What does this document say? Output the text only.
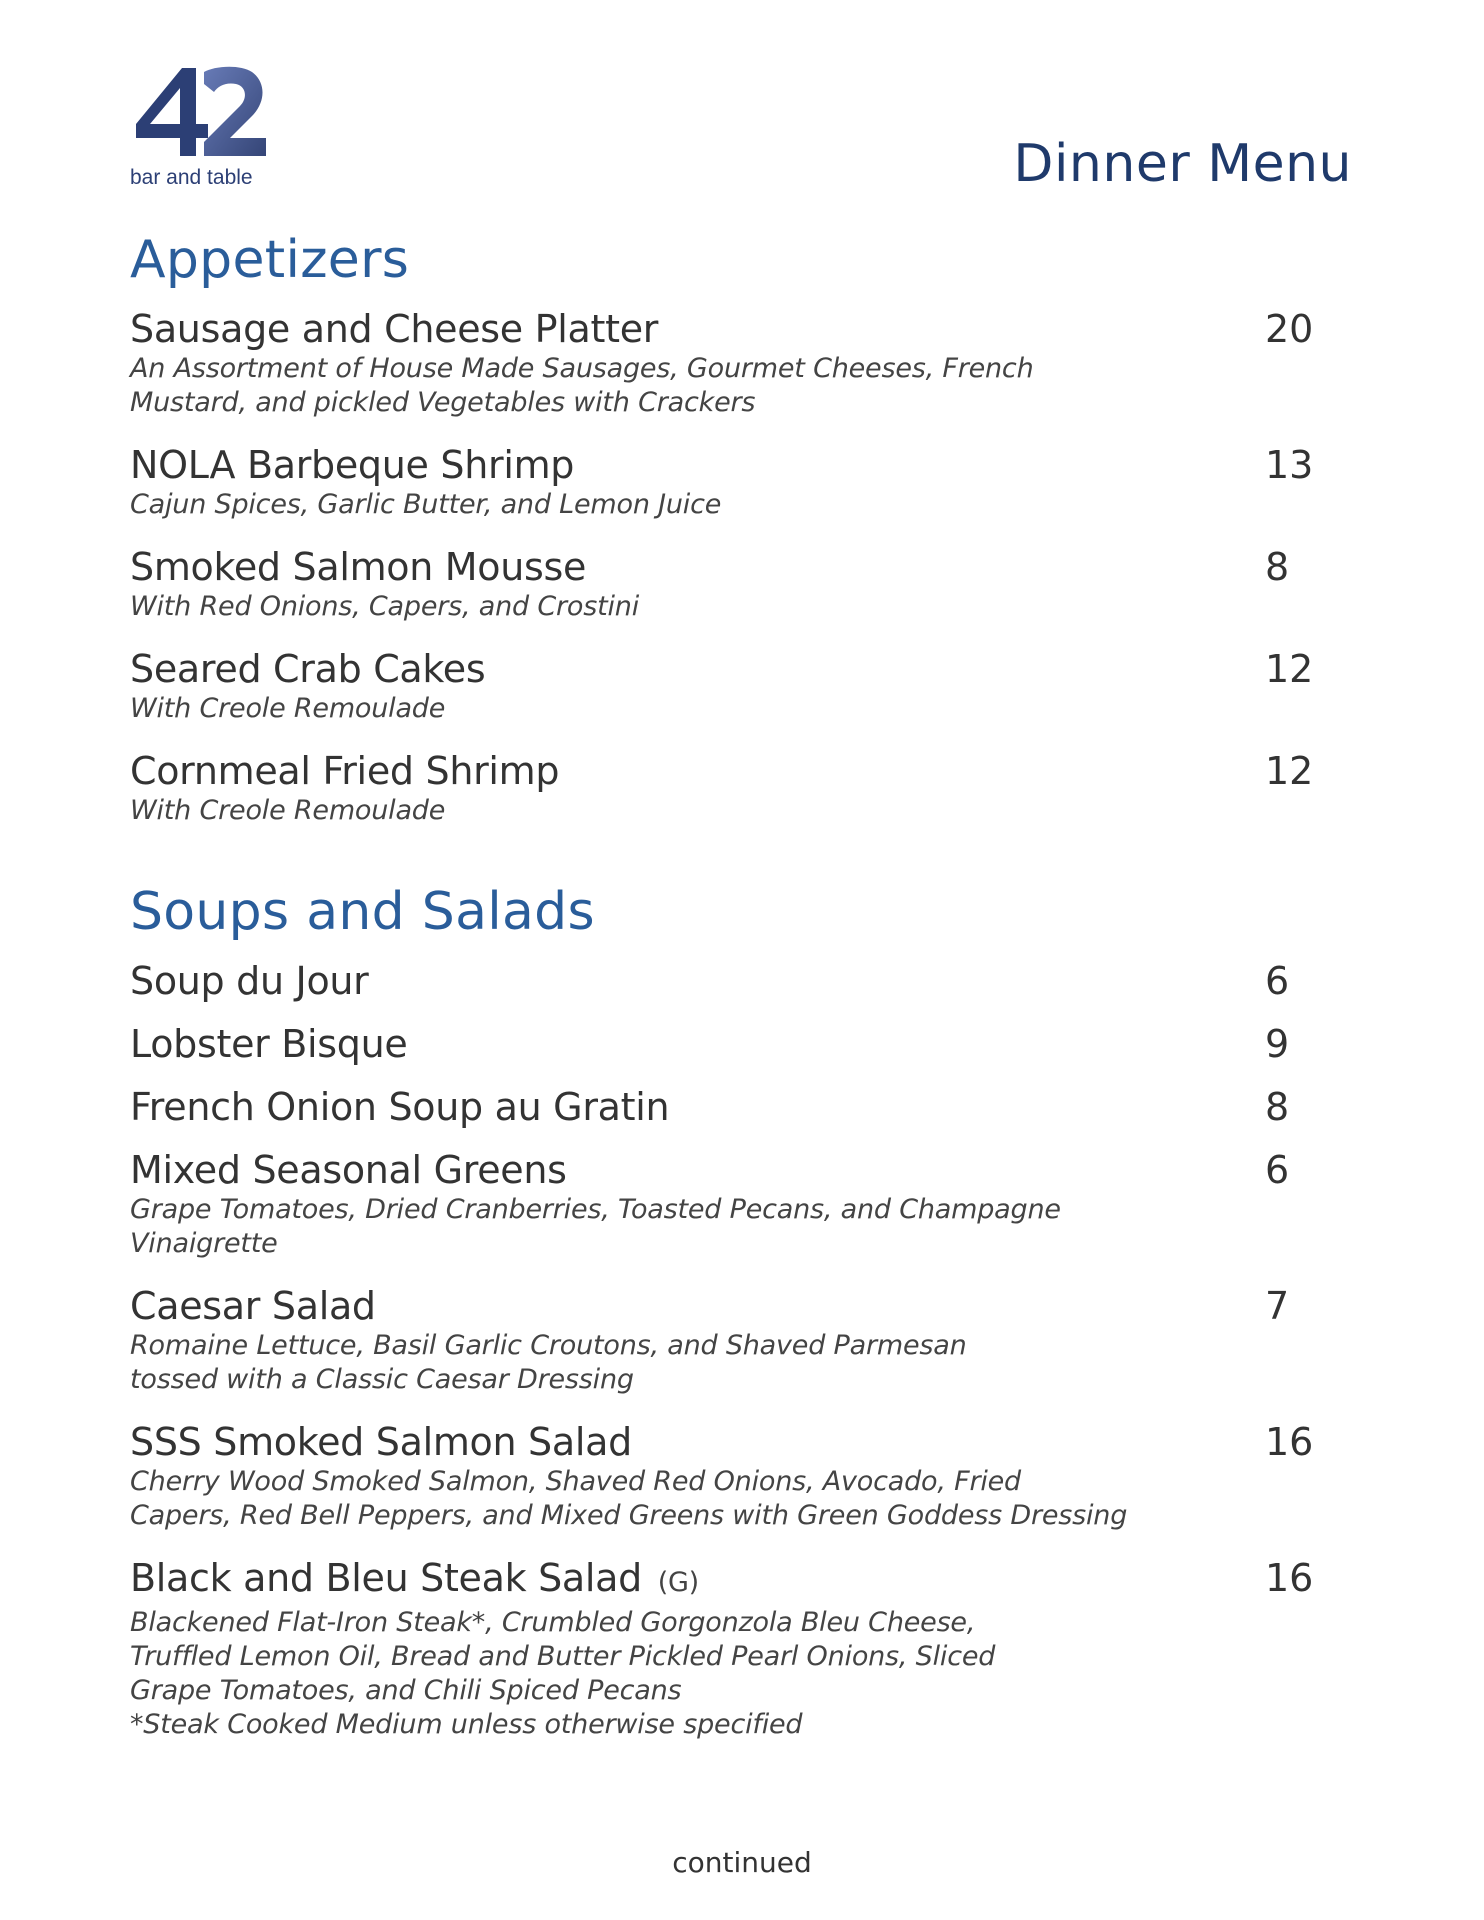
bar and table	Dinner Menu
Appetizers

Sausage and Cheese Platter	20

An Assortment of House Made Sausages, Gourmet Cheeses, French

Mustard, and pickled Vegetables with Crackers

NOLA Barbeque Shrimp	13

Cajun Spices, Garlic Butter, and Lemon Juice

Smoked Salmon Mousse	8

With Red Onions, Capers, and Crostini

Seared Crab Cakes	12

With Creole Remoulade

Cornmeal Fried Shrimp	12

With Creole Remoulade

Soups and Salads

Soup du Jour	6

Lobster Bisque	9

French Onion Soup au Gratin	8

Mixed Seasonal Greens	6

Grape Tomatoes, Dried Cranberries, Toasted Pecans, and Champagne

Vinaigrette

Caesar Salad	7

Romaine Lettuce, Basil Garlic Croutons, and Shaved Parmesan

tossed with a Classic Caesar Dressing

SSS Smoked Salmon Salad	16

Cherry Wood Smoked Salmon, Shaved Red Onions, Avocado, Fried

Capers, Red Bell Peppers, and Mixed Greens with Green Goddess Dressing

Black and Bleu Steak Salad (G)	16

Blackened Flat-Iron Steak*, Crumbled Gorgonzola Bleu Cheese,

Truffled Lemon Oil, Bread and Butter Pickled Pearl Onions, Sliced

Grape Tomatoes, and Chili Spiced Pecans

*Steak Cooked Medium unless otherwise specified

continued
